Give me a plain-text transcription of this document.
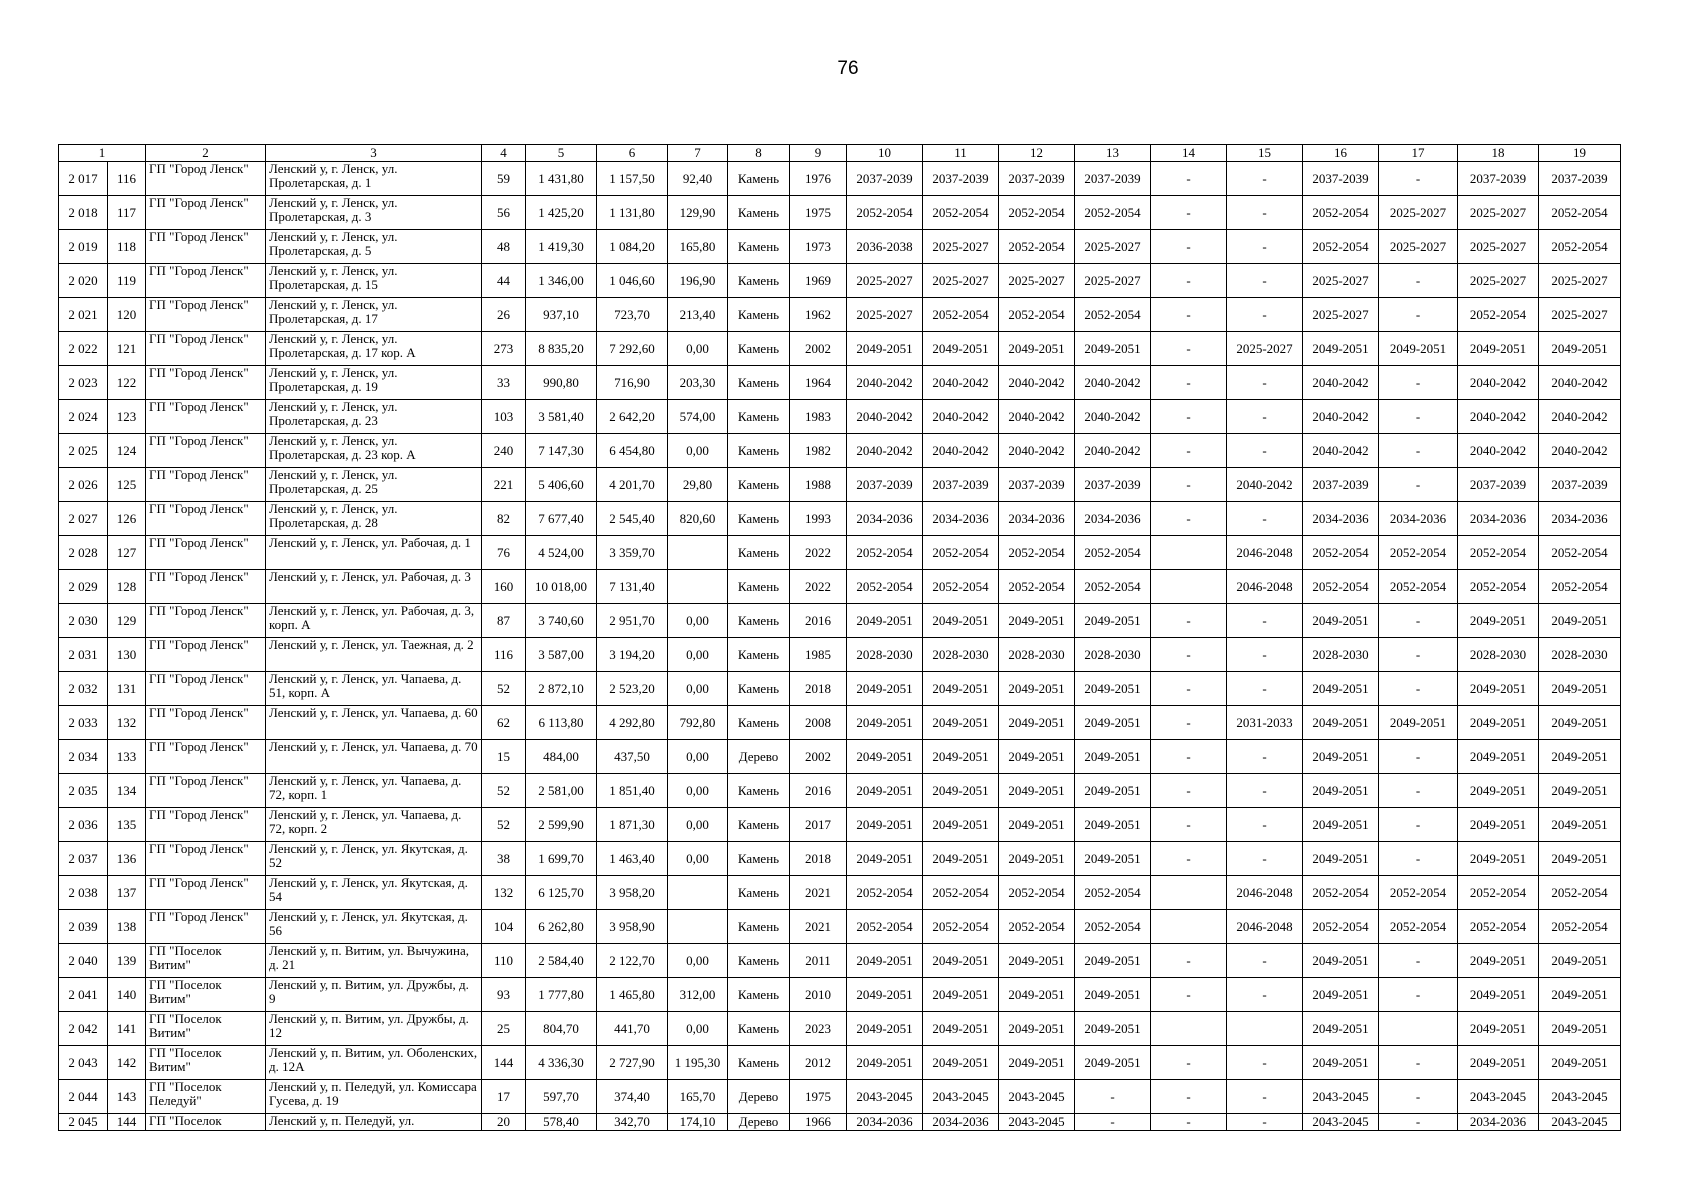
76
1		2	3	4	5	6	7	8	9	10	11	12	13	14	15	16	17	18	19
2 017	116	ГП "Город Ленск"	Ленский у, г. Ленск, ул. Пролетарская, д. 1	59	1 431,80	1 157,50	92,40	Камень	1976	2037-2039	2037-2039	2037-2039	2037-2039	-	-	2037-2039	-	2037-2039	2037-2039
2 018	117	ГП "Город Ленск"	Ленский у, г. Ленск, ул. Пролетарская, д. 3	56	1 425,20	1 131,80	129,90	Камень	1975	2052-2054	2052-2054	2052-2054	2052-2054	-	-	2052-2054	2025-2027	2025-2027	2052-2054
2 019	118	ГП "Город Ленск"	Ленский у, г. Ленск, ул. Пролетарская, д. 5	48	1 419,30	1 084,20	165,80	Камень	1973	2036-2038	2025-2027	2052-2054	2025-2027	-	-	2052-2054	2025-2027	2025-2027	2052-2054
2 020	119	ГП "Город Ленск"	Ленский у, г. Ленск, ул. Пролетарская, д. 15	44	1 346,00	1 046,60	196,90	Камень	1969	2025-2027	2025-2027	2025-2027	2025-2027	-	-	2025-2027	-	2025-2027	2025-2027
2 021	120	ГП "Город Ленск"	Ленский у, г. Ленск, ул. Пролетарская, д. 17	26	937,10	723,70	213,40	Камень	1962	2025-2027	2052-2054	2052-2054	2052-2054	-	-	2025-2027	-	2052-2054	2025-2027
2 022	121	ГП "Город Ленск"	Ленский у, г. Ленск, ул. Пролетарская, д. 17 кор. А	273	8 835,20	7 292,60	0,00	Камень	2002	2049-2051	2049-2051	2049-2051	2049-2051	-	2025-2027	2049-2051	2049-2051	2049-2051	2049-2051
2 023	122	ГП "Город Ленск"	Ленский у, г. Ленск, ул. Пролетарская, д. 19	33	990,80	716,90	203,30	Камень	1964	2040-2042	2040-2042	2040-2042	2040-2042	-	-	2040-2042	-	2040-2042	2040-2042
2 024	123	ГП "Город Ленск"	Ленский у, г. Ленск, ул. Пролетарская, д. 23	103	3 581,40	2 642,20	574,00	Камень	1983	2040-2042	2040-2042	2040-2042	2040-2042	-	-	2040-2042	-	2040-2042	2040-2042
2 025	124	ГП "Город Ленск"	Ленский у, г. Ленск, ул. Пролетарская, д. 23 кор. А	240	7 147,30	6 454,80	0,00	Камень	1982	2040-2042	2040-2042	2040-2042	2040-2042	-	-	2040-2042	-	2040-2042	2040-2042
2 026	125	ГП "Город Ленск"	Ленский у, г. Ленск, ул. Пролетарская, д. 25	221	5 406,60	4 201,70	29,80	Камень	1988	2037-2039	2037-2039	2037-2039	2037-2039	-	2040-2042	2037-2039	-	2037-2039	2037-2039
2 027	126	ГП "Город Ленск"	Ленский у, г. Ленск, ул. Пролетарская, д. 28	82	7 677,40	2 545,40	820,60	Камень	1993	2034-2036	2034-2036	2034-2036	2034-2036	-	-	2034-2036	2034-2036	2034-2036	2034-2036
2 028	127	ГП "Город Ленск"	Ленский у, г. Ленск, ул. Рабочая, д. 1	76	4 524,00	3 359,70		Камень	2022	2052-2054	2052-2054	2052-2054	2052-2054		2046-2048	2052-2054	2052-2054	2052-2054	2052-2054
2 029	128	ГП "Город Ленск"	Ленский у, г. Ленск, ул. Рабочая, д. 3	160	10 018,00	7 131,40		Камень	2022	2052-2054	2052-2054	2052-2054	2052-2054		2046-2048	2052-2054	2052-2054	2052-2054	2052-2054
2 030	129	ГП "Город Ленск"	Ленский у, г. Ленск, ул. Рабочая, д. 3, корп. А	87	3 740,60	2 951,70	0,00	Камень	2016	2049-2051	2049-2051	2049-2051	2049-2051	-	-	2049-2051	-	2049-2051	2049-2051
2 031	130	ГП "Город Ленск"	Ленский у, г. Ленск, ул. Таежная, д. 2	116	3 587,00	3 194,20	0,00	Камень	1985	2028-2030	2028-2030	2028-2030	2028-2030	-	-	2028-2030	-	2028-2030	2028-2030
2 032	131	ГП "Город Ленск"	Ленский у, г. Ленск, ул. Чапаева, д. 51, корп. А	52	2 872,10	2 523,20	0,00	Камень	2018	2049-2051	2049-2051	2049-2051	2049-2051	-	-	2049-2051	-	2049-2051	2049-2051
2 033	132	ГП "Город Ленск"	Ленский у, г. Ленск, ул. Чапаева, д. 60	62	6 113,80	4 292,80	792,80	Камень	2008	2049-2051	2049-2051	2049-2051	2049-2051	-	2031-2033	2049-2051	2049-2051	2049-2051	2049-2051
2 034	133	ГП "Город Ленск"	Ленский у, г. Ленск, ул. Чапаева, д. 70	15	484,00	437,50	0,00	Дерево	2002	2049-2051	2049-2051	2049-2051	2049-2051	-	-	2049-2051	-	2049-2051	2049-2051
2 035	134	ГП "Город Ленск"	Ленский у, г. Ленск, ул. Чапаева, д. 72, корп. 1	52	2 581,00	1 851,40	0,00	Камень	2016	2049-2051	2049-2051	2049-2051	2049-2051	-	-	2049-2051	-	2049-2051	2049-2051
2 036	135	ГП "Город Ленск"	Ленский у, г. Ленск, ул. Чапаева, д. 72, корп. 2	52	2 599,90	1 871,30	0,00	Камень	2017	2049-2051	2049-2051	2049-2051	2049-2051	-	-	2049-2051	-	2049-2051	2049-2051
2 037	136	ГП "Город Ленск"	Ленский у, г. Ленск, ул. Якутская, д. 52	38	1 699,70	1 463,40	0,00	Камень	2018	2049-2051	2049-2051	2049-2051	2049-2051	-	-	2049-2051	-	2049-2051	2049-2051
2 038	137	ГП "Город Ленск"	Ленский у, г. Ленск, ул. Якутская, д. 54	132	6 125,70	3 958,20		Камень	2021	2052-2054	2052-2054	2052-2054	2052-2054		2046-2048	2052-2054	2052-2054	2052-2054	2052-2054
2 039	138	ГП "Город Ленск"	Ленский у, г. Ленск, ул. Якутская, д. 56	104	6 262,80	3 958,90		Камень	2021	2052-2054	2052-2054	2052-2054	2052-2054		2046-2048	2052-2054	2052-2054	2052-2054	2052-2054
2 040	139	ГП "Поселок Витим"	Ленский у, п. Витим, ул. Вычужина, д. 21	110	2 584,40	2 122,70	0,00	Камень	2011	2049-2051	2049-2051	2049-2051	2049-2051	-	-	2049-2051	-	2049-2051	2049-2051
2 041	140	ГП "Поселок Витим"	Ленский у, п. Витим, ул. Дружбы, д. 9	93	1 777,80	1 465,80	312,00	Камень	2010	2049-2051	2049-2051	2049-2051	2049-2051	-	-	2049-2051	-	2049-2051	2049-2051
2 042	141	ГП "Поселок Витим"	Ленский у, п. Витим, ул. Дружбы, д. 12	25	804,70	441,70	0,00	Камень	2023	2049-2051	2049-2051	2049-2051	2049-2051			2049-2051		2049-2051	2049-2051
2 043	142	ГП "Поселок Витим"	Ленский у, п. Витим, ул. Оболенских, д. 12А	144	4 336,30	2 727,90	1 195,30	Камень	2012	2049-2051	2049-2051	2049-2051	2049-2051	-	-	2049-2051	-	2049-2051	2049-2051
2 044	143	ГП "Поселок Пеледуй"	Ленский у, п. Пеледуй, ул. Комиссара Гусева, д. 19	17	597,70	374,40	165,70	Дерево	1975	2043-2045	2043-2045	2043-2045	-	-	-	2043-2045	-	2043-2045	2043-2045
2 045	144	ГП "Поселок	Ленский у, п. Пеледуй, ул.	20	578,40	342,70	174,10	Дерево	1966	2034-2036	2034-2036	2043-2045	-	-	-	2043-2045	-	2034-2036	2043-2045
